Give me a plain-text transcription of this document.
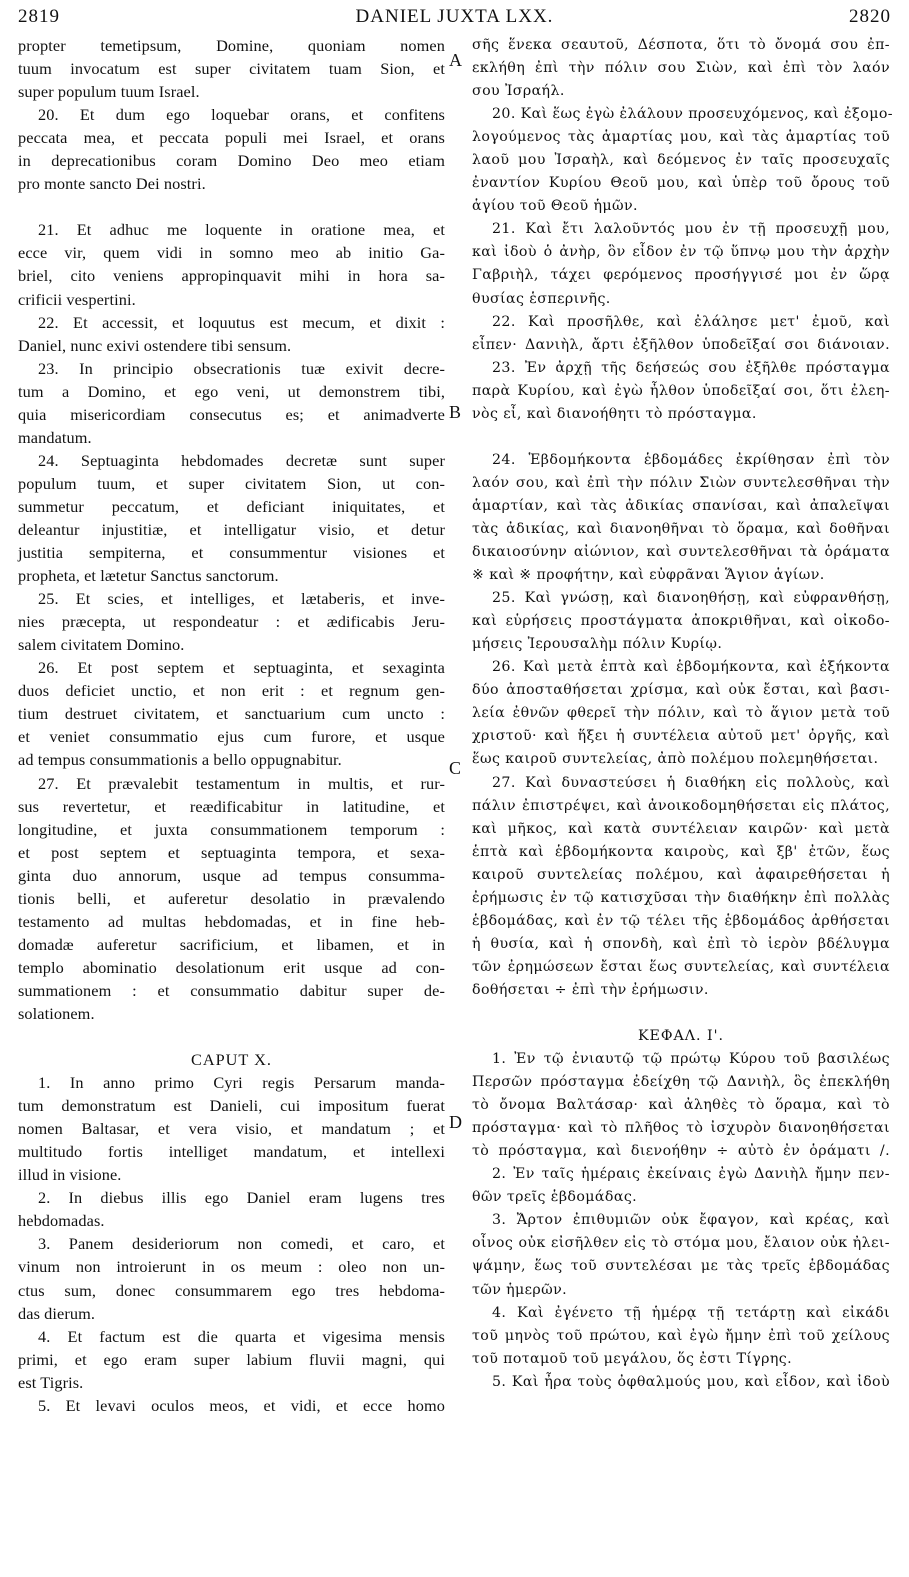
2819	DANIEL JUXTA LXX.	2820
propter temetipsum, Domine, quoniam nomen
tuum invocatum est super civitatem tuam Sion, et
super populum tuum Israel.
20. Et dum ego loquebar orans, et confitens
peccata mea, et peccata populi mei Israel, et orans
in deprecationibus coram Domino Deo meo etiam
pro monte sancto Dei nostri.
21. Et adhuc me loquente in oratione mea, et
ecce vir, quem vidi in somno meo ab initio Ga-
briel, cito veniens appropinquavit mihi in hora sa-
crificii vespertini.
22. Et accessit, et loquutus est mecum, et dixit :
Daniel, nunc exivi ostendere tibi sensum.
23. In principio obsecrationis tuæ exivit decre-
tum a Domino, et ego veni, ut demonstrem tibi,
quia misericordiam consecutus es; et animadverte
mandatum.
24. Septuaginta hebdomades decretæ sunt super
populum tuum, et super civitatem Sion, ut con-
summetur peccatum, et deficiant iniquitates, et
deleantur injustitiæ, et intelligatur visio, et detur
justitia sempiterna, et consummentur visiones et
propheta, et lætetur Sanctus sanctorum.
25. Et scies, et intelliges, et lætaberis, et inve-
nies præcepta, ut respondeatur : et ædificabis Jeru-
salem civitatem Domino.
26. Et post septem et septuaginta, et sexaginta
duos deficiet unctio, et non erit : et regnum gen-
tium destruet civitatem, et sanctuarium cum uncto :
et veniet consummatio ejus cum furore, et usque
ad tempus consummationis a bello oppugnabitur.
27. Et prævalebit testamentum in multis, et rur-
sus revertetur, et reædificabitur in latitudine, et
longitudine, et juxta consummationem temporum :
et post septem et septuaginta tempora, et sexa-
ginta duo annorum, usque ad tempus consumma-
tionis belli, et auferetur desolatio in prævalendo
testamento ad multas hebdomadas, et in fine heb-
domadæ auferetur sacrificium, et libamen, et in
templo abominatio desolationum erit usque ad con-
summationem : et consummatio dabitur super de-
solationem.
CAPUT X.
1. In anno primo Cyri regis Persarum manda-
tum demonstratum est Danieli, cui impositum fuerat
nomen Baltasar, et vera visio, et mandatum ; et
multitudo fortis intelliget mandatum, et intellexi
illud in visione.
2. In diebus illis ego Daniel eram lugens tres
hebdomadas.
3. Panem desideriorum non comedi, et caro, et
vinum non introierunt in os meum : oleo non un-
ctus sum, donec consummarem ego tres hebdoma-
das dierum.
4. Et factum est die quarta et vigesima mensis
primi, et ego eram super labium fluvii magni, qui
est Tigris.
5. Et levavi oculos meos, et vidi, et ecce homo
σῆς ἕνεκα σεαυτοῦ, Δέσποτα, ὅτι τὸ ὄνομά σου ἐπ-
εκλήθη ἐπὶ τὴν πόλιν σου Σιὼν, καὶ ἐπὶ τὸν λαόν
σου Ἰσραήλ.
20. Καὶ ἕως ἐγὼ ἐλάλουν προσευχόμενος, καὶ ἐξομο-
λογούμενος τὰς ἁμαρτίας μου, καὶ τὰς ἁμαρτίας τοῦ
λαοῦ μου Ἰσραὴλ, καὶ δεόμενος ἐν ταῖς προσευχαῖς
ἐναντίον Κυρίου Θεοῦ μου, καὶ ὑπὲρ τοῦ ὄρους τοῦ
ἁγίου τοῦ Θεοῦ ἡμῶν.
21. Καὶ ἔτι λαλοῦντός μου ἐν τῇ προσευχῇ μου,
καὶ ἰδοὺ ὁ ἀνὴρ, ὃν εἶδον ἐν τῷ ὕπνῳ μου τὴν ἀρχὴν
Γαβριὴλ, τάχει φερόμενος προσήγγισέ μοι ἐν ὥρᾳ
θυσίας ἑσπερινῆς.
22. Καὶ προσῆλθε, καὶ ἐλάλησε μετ' ἐμοῦ, καὶ
εἶπεν· Δανιὴλ, ἄρτι ἐξῆλθον ὑποδεῖξαί σοι διάνοιαν.
23. Ἐν ἀρχῇ τῆς δεήσεώς σου ἐξῆλθε πρόσταγμα
παρὰ Κυρίου, καὶ ἐγὼ ἦλθον ὑποδεῖξαί σοι, ὅτι ἐλεη-
νὸς εἶ, καὶ διανοήθητι τὸ πρόσταγμα.
24. Ἑβδομήκοντα ἑβδομάδες ἐκρίθησαν ἐπὶ τὸν
λαόν σου, καὶ ἐπὶ τὴν πόλιν Σιὼν συντελεσθῆναι τὴν
ἁμαρτίαν, καὶ τὰς ἀδικίας σπανίσαι, καὶ ἀπαλεῖψαι
τὰς ἀδικίας, καὶ διανοηθῆναι τὸ ὅραμα, καὶ δοθῆναι
δικαιοσύνην αἰώνιον, καὶ συντελεσθῆναι τὰ ὁράματα
※ καὶ ※ προφήτην, καὶ εὐφρᾶναι Ἅγιον ἁγίων.
25. Καὶ γνώσῃ, καὶ διανοηθήσῃ, καὶ εὐφρανθήσῃ,
καὶ εὑρήσεις προστάγματα ἀποκριθῆναι, καὶ οἰκοδο-
μήσεις Ἰερουσαλὴμ πόλιν Κυρίῳ.
26. Καὶ μετὰ ἑπτὰ καὶ ἑβδομήκοντα, καὶ ἑξήκοντα
δύο ἀποσταθήσεται χρίσμα, καὶ οὐκ ἔσται, καὶ βασι-
λεία ἐθνῶν φθερεῖ τὴν πόλιν, καὶ τὸ ἅγιον μετὰ τοῦ
χριστοῦ· καὶ ἥξει ἡ συντέλεια αὐτοῦ μετ' ὀργῆς, καὶ
ἕως καιροῦ συντελείας, ἀπὸ πολέμου πολεμηθήσεται.
27. Καὶ δυναστεύσει ἡ διαθήκη εἰς πολλοὺς, καὶ
πάλιν ἐπιστρέψει, καὶ ἀνοικοδομηθήσεται εἰς πλάτος,
καὶ μῆκος, καὶ κατὰ συντέλειαν καιρῶν· καὶ μετὰ
ἑπτὰ καὶ ἑβδομήκοντα καιροὺς, καὶ ξβ' ἐτῶν, ἕως
καιροῦ συντελείας πολέμου, καὶ ἀφαιρεθήσεται ἡ
ἐρήμωσις ἐν τῷ κατισχῦσαι τὴν διαθήκην ἐπὶ πολλὰς
ἑβδομάδας, καὶ ἐν τῷ τέλει τῆς ἑβδομάδος ἀρθήσεται
ἡ θυσία, καὶ ἡ σπονδὴ, καὶ ἐπὶ τὸ ἱερὸν βδέλυγμα
τῶν ἐρημώσεων ἔσται ἕως συντελείας, καὶ συντέλεια
δοθήσεται ÷ ἐπὶ τὴν ἐρήμωσιν.
ΚΕΦΑΛ. Ι'.
1. Ἐν τῷ ἐνιαυτῷ τῷ πρώτῳ Κύρου τοῦ βασιλέως
Περσῶν πρόσταγμα ἐδείχθη τῷ Δανιὴλ, ὃς ἐπεκλήθη
τὸ ὄνομα Βαλτάσαρ· καὶ ἀληθὲς τὸ ὅραμα, καὶ τὸ
πρόσταγμα· καὶ τὸ πλῆθος τὸ ἰσχυρὸν διανοηθήσεται
τὸ πρόσταγμα, καὶ διενοήθην ÷ αὐτὸ ἐν ὁράματι /.
2. Ἐν ταῖς ἡμέραις ἐκείναις ἐγὼ Δανιὴλ ἤμην πεν-
θῶν τρεῖς ἑβδομάδας.
3. Ἄρτον ἐπιθυμιῶν οὐκ ἔφαγον, καὶ κρέας, καὶ
οἶνος οὐκ εἰσῆλθεν εἰς τὸ στόμα μου, ἔλαιον οὐκ ἠλει-
ψάμην, ἕως τοῦ συντελέσαι με τὰς τρεῖς ἑβδομάδας
τῶν ἡμερῶν.
4. Καὶ ἐγένετο τῇ ἡμέρᾳ τῇ τετάρτῃ καὶ εἰκάδι
τοῦ μηνὸς τοῦ πρώτου, καὶ ἐγὼ ἤμην ἐπὶ τοῦ χείλους
τοῦ ποταμοῦ τοῦ μεγάλου, ὅς ἐστι Τίγρης.
5. Καὶ ἦρα τοὺς ὀφθαλμούς μου, καὶ εἶδον, καὶ ἰδοὺ
A
B
C
D
